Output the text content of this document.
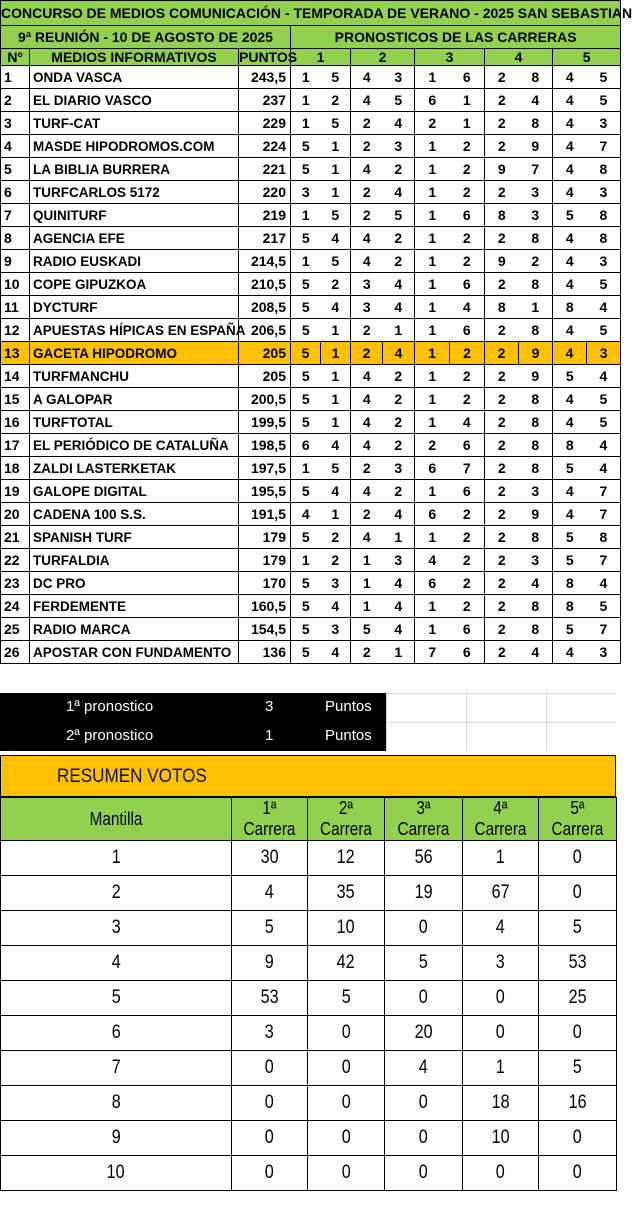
CONCURSO DE MEDIOS COMUNICACIÓN - TEMPORADA DE VERANO - 2025 SAN SEBASTIAN												
9ª REUNIÓN - 10 DE AGOSTO DE 2025			PRONOSTICOS DE LAS CARRERAS									
Nº	MEDIOS INFORMATIVOS	PUNTOS	1		2		3		4		5	
1	ONDA VASCA	243,5	1	5	4	3	1	6	2	8	4	5
2	EL DIARIO VASCO	237	1	2	4	5	6	1	2	4	4	5
3	TURF-CAT	229	1	5	2	4	2	1	2	8	4	3
4	MASDE HIPODROMOS.COM	224	5	1	2	3	1	2	2	9	4	7
5	LA BIBLIA BURRERA	221	5	1	4	2	1	2	9	7	4	8
6	TURFCARLOS 5172	220	3	1	2	4	1	2	2	3	4	3
7	QUINITURF	219	1	5	2	5	1	6	8	3	5	8
8	AGENCIA EFE	217	5	4	4	2	1	2	2	8	4	8
9	RADIO EUSKADI	214,5	1	5	4	2	1	2	9	2	4	3
10	COPE GIPUZKOA	210,5	5	2	3	4	1	6	2	8	4	5
11	DYCTURF	208,5	5	4	3	4	1	4	8	1	8	4
12	APUESTAS HÍPICAS EN ESPAÑA	206,5	5	1	2	1	1	6	2	8	4	5
13	GACETA HIPODROMO	205	5	1	2	4	1	2	2	9	4	3
14	TURFMANCHU	205	5	1	4	2	1	2	2	9	5	4
15	A GALOPAR	200,5	5	1	4	2	1	2	2	8	4	5
16	TURFTOTAL	199,5	5	1	4	2	1	4	2	8	4	5
17	EL PERIÓDICO DE CATALUÑA	198,5	6	4	4	2	2	6	2	8	8	4
18	ZALDI LASTERKETAK	197,5	1	5	2	3	6	7	2	8	5	4
19	GALOPE DIGITAL	195,5	5	4	4	2	1	6	2	3	4	7
20	CADENA 100 S.S.	191,5	4	1	2	4	6	2	2	9	4	7
21	SPANISH TURF	179	5	2	4	1	1	2	2	8	5	8
22	TURFALDIA	179	1	2	1	3	4	2	2	3	5	7
23	DC PRO	170	5	3	1	4	6	2	2	4	8	4
24	FERDEMENTE	160,5	5	4	1	4	1	2	2	8	8	5
25	RADIO MARCA	154,5	5	3	5	4	1	6	2	8	5	7
26	APOSTAR CON FUNDAMENTO	136	5	4	2	1	7	6	2	4	4	3
1ª pronostico	3	Puntos
2ª pronostico	1	Puntos
RESUMEN VOTOS
Mantilla	1ª Carrera	2ª Carrera	3ª Carrera	4ª Carrera	5ª Carrera
1	30	12	56	1	0
2	4	35	19	67	0
3	5	10	0	4	5
4	9	42	5	3	53
5	53	5	0	0	25
6	3	0	20	0	0
7	0	0	4	1	5
8	0	0	0	18	16
9	0	0	0	10	0
10	0	0	0	0	0
